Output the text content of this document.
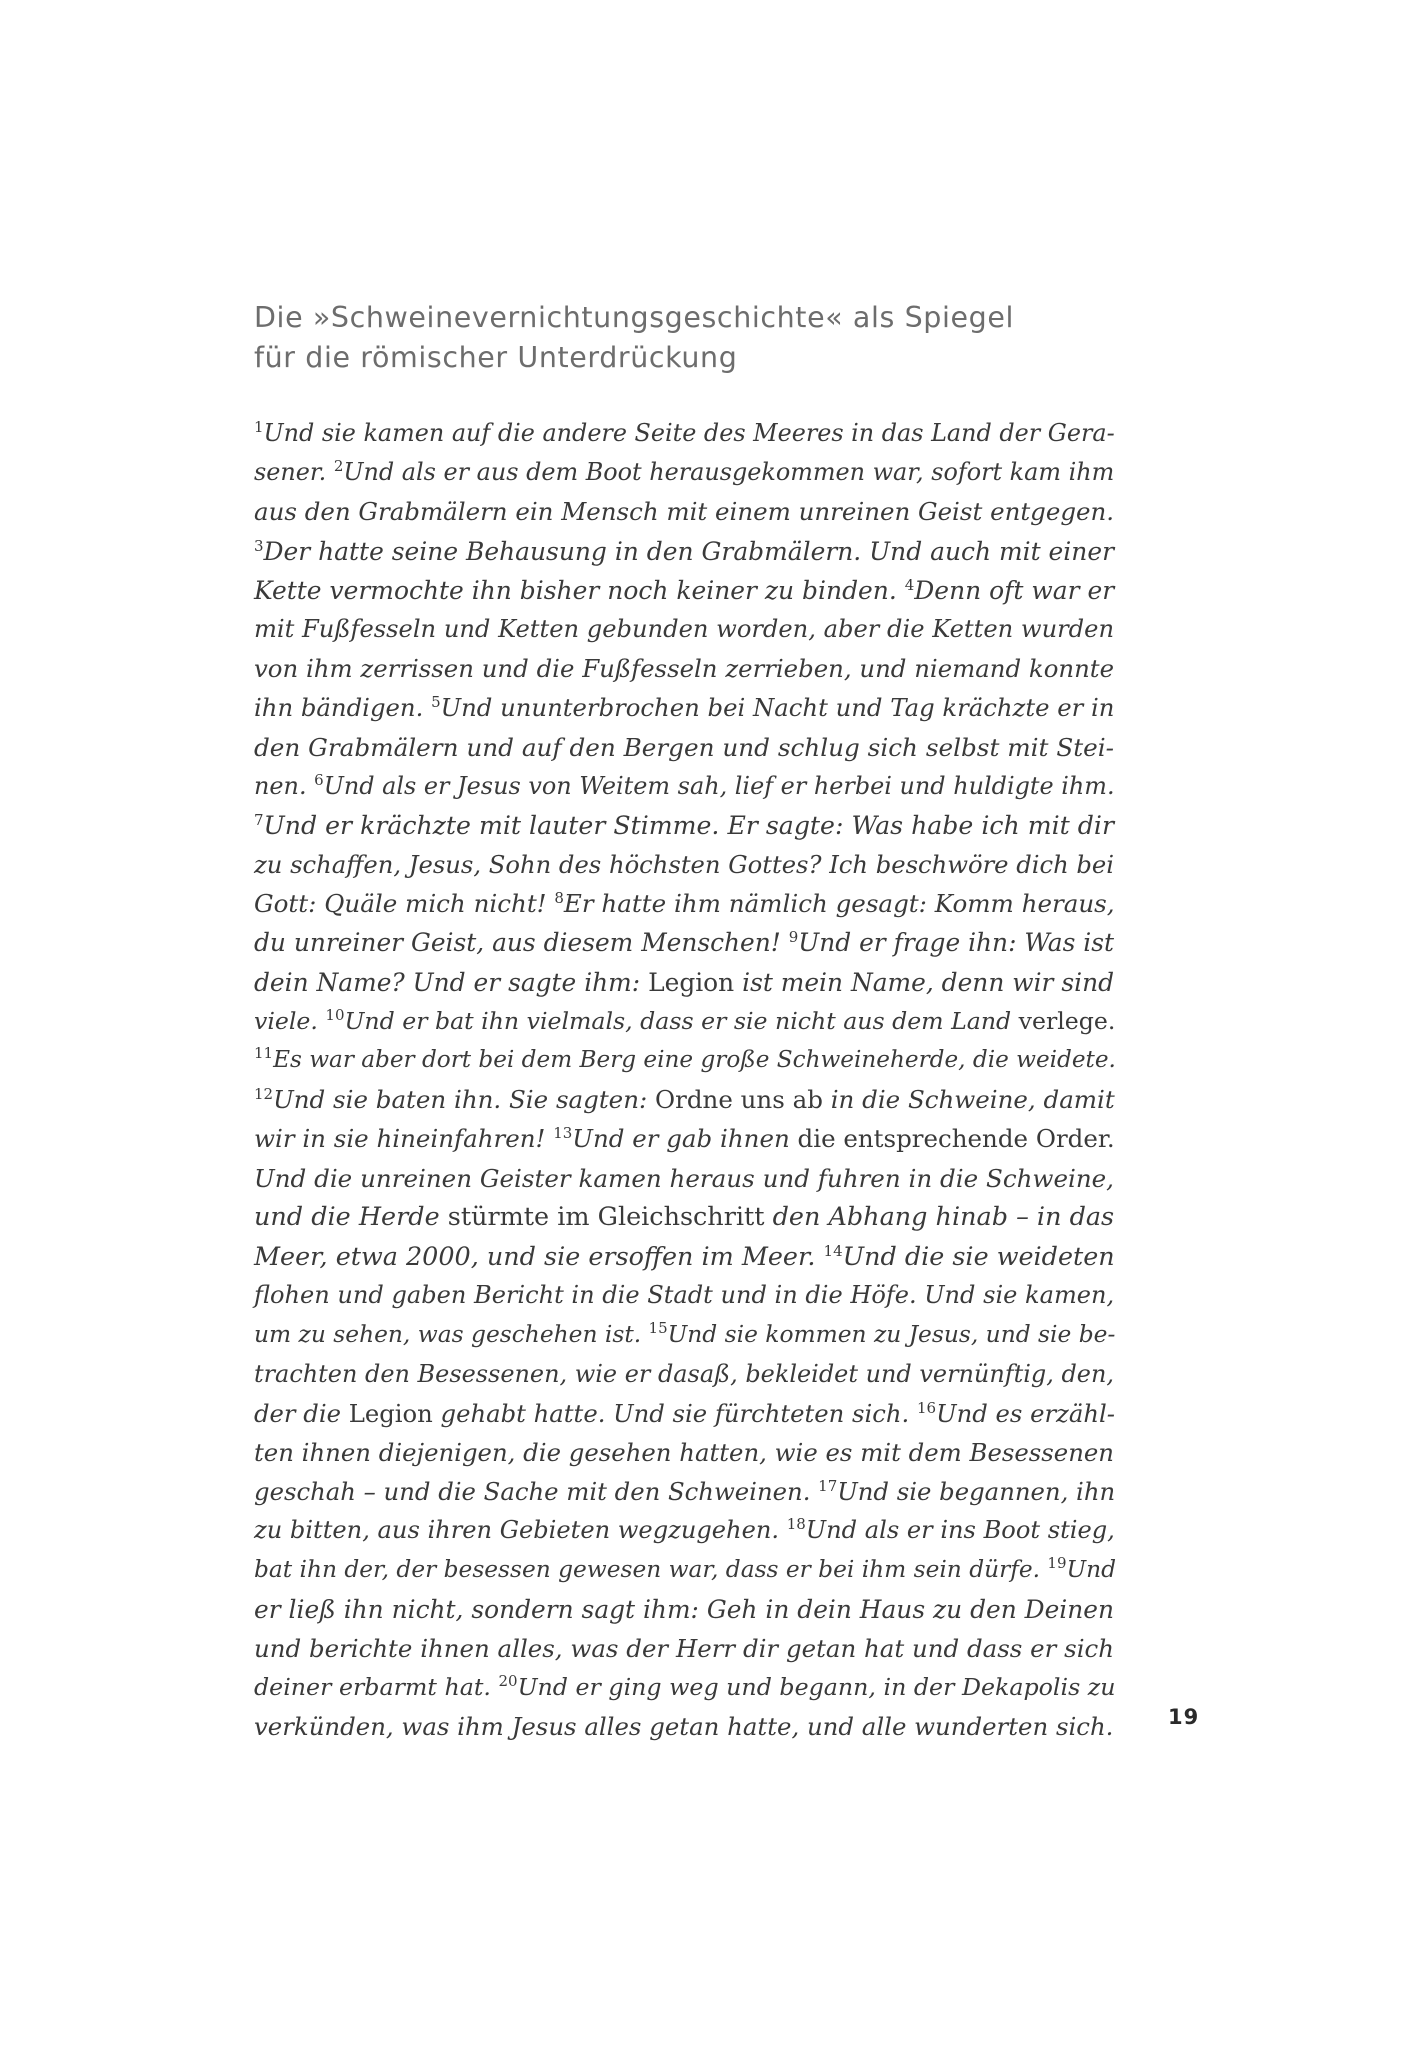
Die »Schweinevernichtungsgeschichte« als Spiegel
für die römischer Unterdrückung
$^1$Und sie kamen auf die andere Seite des Meeres in das Land der Gera-
sener. $^2$Und als er aus dem Boot herausgekommen war, sofort kam ihm
aus den Grabmälern ein Mensch mit einem unreinen Geist entgegen.
$^3$Der hatte seine Behausung in den Grabmälern. Und auch mit einer
Kette vermochte ihn bisher noch keiner zu binden. $^4$Denn oft war er
mit Fußfesseln und Ketten gebunden worden, aber die Ketten wurden
von ihm zerrissen und die Fußfesseln zerrieben, und niemand konnte
ihn bändigen. $^5$Und ununterbrochen bei Nacht und Tag krächzte er in
den Grabmälern und auf den Bergen und schlug sich selbst mit Stei-
nen. $^6$Und als er Jesus von Weitem sah, lief er herbei und huldigte ihm.
$^7$Und er krächzte mit lauter Stimme. Er sagte: Was habe ich mit dir
zu schaffen, Jesus, Sohn des höchsten Gottes? Ich beschwöre dich bei
Gott: Quäle mich nicht! $^8$Er hatte ihm nämlich gesagt: Komm heraus,
du unreiner Geist, aus diesem Menschen! $^9$Und er frage ihn: Was ist
dein Name? Und er sagte ihm: Legion ist mein Name, denn wir sind
viele. $^{10}$Und er bat ihn vielmals, dass er sie nicht aus dem Land verlege.
$^{11}$Es war aber dort bei dem Berg eine große Schweineherde, die weidete.
$^{12}$Und sie baten ihn. Sie sagten: Ordne uns ab in die Schweine, damit
wir in sie hineinfahren! $^{13}$Und er gab ihnen die entsprechende Order.
Und die unreinen Geister kamen heraus und fuhren in die Schweine,
und die Herde stürmte im Gleichschritt den Abhang hinab – in das
Meer, etwa 2000, und sie ersoffen im Meer. $^{14}$Und die sie weideten
flohen und gaben Bericht in die Stadt und in die Höfe. Und sie kamen,
um zu sehen, was geschehen ist. $^{15}$Und sie kommen zu Jesus, und sie be-
trachten den Besessenen, wie er dasaß, bekleidet und vernünftig, den,
der die Legion gehabt hatte. Und sie fürchteten sich. $^{16}$Und es erzähl-
ten ihnen diejenigen, die gesehen hatten, wie es mit dem Besessenen
geschah – und die Sache mit den Schweinen. $^{17}$Und sie begannen, ihn
zu bitten, aus ihren Gebieten wegzugehen. $^{18}$Und als er ins Boot stieg,
bat ihn der, der besessen gewesen war, dass er bei ihm sein dürfe. $^{19}$Und
er ließ ihn nicht, sondern sagt ihm: Geh in dein Haus zu den Deinen
und berichte ihnen alles, was der Herr dir getan hat und dass er sich
deiner erbarmt hat. $^{20}$Und er ging weg und begann, in der Dekapolis zu
verkünden, was ihm Jesus alles getan hatte, und alle wunderten sich.	19
